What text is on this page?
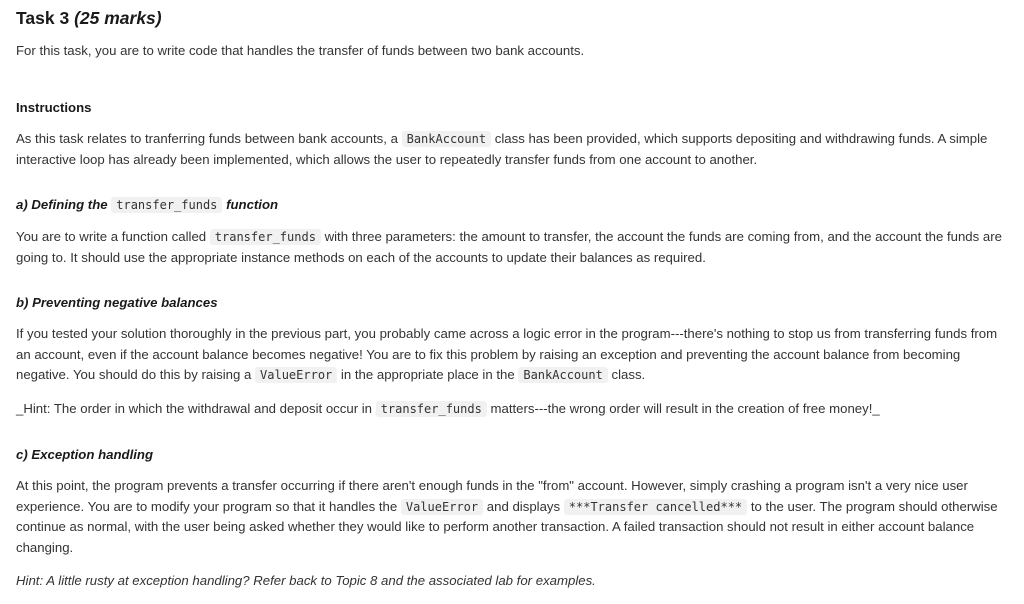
Task 3 (25 marks)

For this task, you are to write code that handles the transfer of funds between two bank accounts.

Instructions

As this task relates to tranferring funds between bank accounts, a BankAccount class has been provided, which supports depositing and withdrawing funds. A simple interactive loop has already been implemented, which allows the user to repeatedly transfer funds from one account to another.

a) Defining the transfer_funds function

You are to write a function called transfer_funds with three parameters: the amount to transfer, the account the funds are coming from, and the account the funds are going to. It should use the appropriate instance methods on each of the accounts to update their balances as required.

b) Preventing negative balances

If you tested your solution thoroughly in the previous part, you probably came across a logic error in the program---there's nothing to stop us from transferring funds from an account, even if the account balance becomes negative! You are to fix this problem by raising an exception and preventing the account balance from becoming negative. You should do this by raising a ValueError in the appropriate place in the BankAccount class.

_Hint: The order in which the withdrawal and deposit occur in transfer_funds matters---the wrong order will result in the creation of free money!_

c) Exception handling

At this point, the program prevents a transfer occurring if there aren't enough funds in the "from" account. However, simply crashing a program isn't a very nice user experience. You are to modify your program so that it handles the ValueError and displays ***Transfer cancelled*** to the user. The program should otherwise continue as normal, with the user being asked whether they would like to perform another transaction. A failed transaction should not result in either account balance changing.

Hint: A little rusty at exception handling? Refer back to Topic 8 and the associated lab for examples.
